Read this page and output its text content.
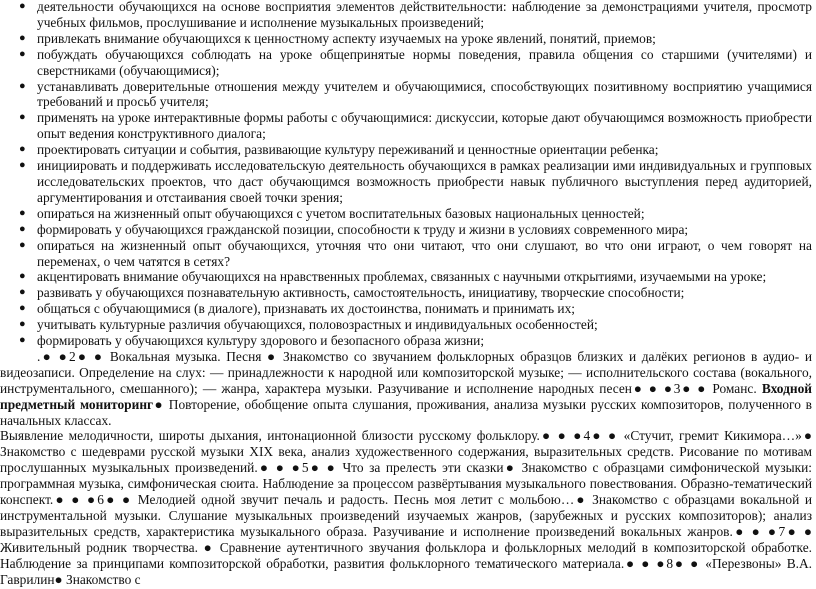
● деятельности обучающихся на основе восприятия элементов действительности: наблюдение за демонстрациями учителя, просмотр учебных фильмов, прослушивание и исполнение музыкальных произведений;
● привлекать внимание обучающихся к ценностному аспекту изучаемых на уроке явлений, понятий, приемов;
● побуждать обучающихся соблюдать на уроке общепринятые нормы поведения, правила общения со старшими (учителями) и сверстниками (обучающимися);
● устанавливать доверительные отношения между учителем и обучающимися, способствующих позитивному восприятию учащимися требований и просьб учителя;
● применять на уроке интерактивные формы работы с обучающимися: дискуссии, которые дают обучающимся возможность приобрести опыт ведения конструктивного диалога;
● проектировать ситуации и события, развивающие культуру переживаний и ценностные ориентации ребенка;
● инициировать и поддерживать исследовательскую деятельность обучающихся в рамках реализации ими индивидуальных и групповых исследовательских проектов, что даст обучающимся возможность приобрести навык публичного выступления перед аудиторией, аргументирования и отстаивания своей точки зрения;
● опираться на жизненный опыт обучающихся с учетом воспитательных базовых национальных ценностей;
● формировать у обучающихся гражданской позиции, способности к труду и жизни в условиях современного мира;
● опираться на жизненный опыт обучающихся, уточняя что они читают, что они слушают, во что они играют, о чем говорят на переменах, о чем чатятся в сетях?
● акцентировать внимание обучающихся на нравственных проблемах, связанных с научными открытиями, изучаемыми на уроке;
● развивать у обучающихся познавательную активность, самостоятельность, инициативу, творческие способности;
● общаться с обучающимися (в диалоге), признавать их достоинства, понимать и принимать их;
● учитывать культурные различия обучающихся, половозрастных и индивидуальных особенностей;
● формировать у обучающихся культуру здорового и безопасного образа жизни;

.● ●2● ● Вокальная музыка. Песня ● Знакомство со звучанием фольклорных образцов близких и далёких регионов в аудио- и видеозаписи. Определение на слух: — принадлежности к народной или композиторской музыке; — исполнительского состава (вокального, инструментального, смешанного); — жанра, характера музыки. Разучивание и исполнение народных песен● ● ●3● ● Романс. Входной предметный мониторинг● Повторение, обобщение опыта слушания, проживания, анализа музыки русских композиторов, полученного в начальных классах.

Выявление мелодичности, широты дыхания, интонационной близости русскому фольклору.● ● ●4● ● «Стучит, гремит Кикимора…»● Знакомство с шедеврами русской музыки XIX века, анализ художественного содержания, выразительных средств. Рисование по мотивам прослушанных музыкальных произведений.● ● ●5● ● Что за прелесть эти сказки● Знакомство с образцами симфонической музыки: программная музыка, симфоническая сюита. Наблюдение за процессом развёртывания музыкального повествования. Образно-тематический конспект.● ● ●6● ● Мелодией одной звучит печаль и радость. Песнь моя летит с мольбою…● Знакомство с образцами вокальной и инструментальной музыки. Слушание музыкальных произведений изучаемых жанров, (зарубежных и русских композиторов); анализ выразительных средств, характеристика музыкального образа. Разучивание и исполнение произведений вокальных жанров.● ● ●7● ● Живительный родник творчества. ● Сравнение аутентичного звучания фольклора и фольклорных мелодий в композиторской обработке. Наблюдение за принципами композиторской обработки, развития фольклорного тематического материала.● ● ●8● ● «Перезвоны» В.А. Гаврилин● Знакомство с
